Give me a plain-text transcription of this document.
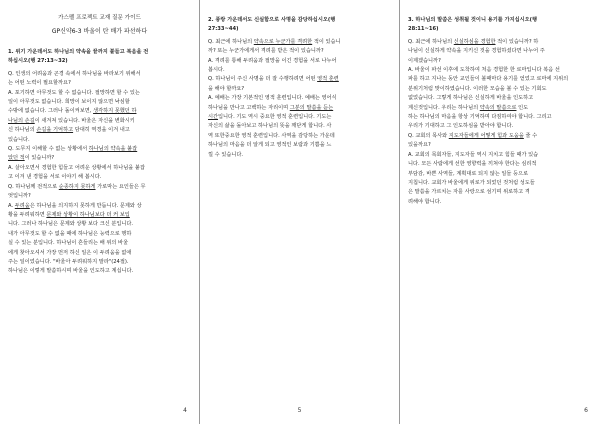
가스펠 프로젝트 교재 질문 가이드
GP신약6-3 바울이 탄 배가 파선하다
1. 위기 가운데서도 하나님의 약속을 끝까지 붙들고 복음을 전
하십시오(행 27:13~32)
Q. 인생의 어려움과 곤경 속에서 하나님을 바라보기 위해서
는 어떤 노력이 필요할까요?
A. 포기하면 아무것도 할 수 없습니다. 절망하면 할 수 있는
일이 아무것도 없습니다. 희망이 보이지 않으면 낙심할
수밖에 없습니다. 그러나 돌이켜보면, 생각하지 못했던 하
나님의 손길이 새겨져 있습니다. 바울은 자신을 변화시키
신 하나님의 손길을 기억하고 담대히 역경을 이겨 내고
있습니다.
Q. 도무지 이해할 수 없는 상황에서 하나님의 약속을 붙잡
았던 적이 있습니까?
A. 살아오면서 경험한 힘들고 어려운 상황에서 하나님을 붙잡
고 이겨 낸 경험을 서로 이야기 해 봅시다.
Q. 하나님께 전적으로 순종하지 못하게 가로막는 요인들은 무
엇입니까?
A. 두려움은 하나님을 의지하지 못하게 만듭니다. 문제와 상
황을 두려워하면 문제와 상황이 하나님보다 더 커 보입
니다. 그러나 하나님은 문제와 상황 보다 크신 분입니다.
내가 아무것도 할 수 없을 때에 하나님은 능력으로 행하
실 수 있는 분입니다. 하나님이 흔들리는 배 위의 바울
에게 찾아오셔서 가장 먼저 하신 일은 이 두려움을 없애
주는 일이었습니다. "바울아 두려워하지 말라"(24절).
하나님은 이렇게 말씀하시며 바울을 인도하고 계십니다.
4
2. 풍랑 가운데서도 신실함으로 사명을 감당하십시오(행
27:33~44)
Q. 최근에 하나님의 약속으로 누군가를 격려한 적이 있습니
까? 또는 누군가에게서 격려를 받은 적이 있습니까?
A. 격려를 통해 두려움과 절망을 이긴 경험을 서로 나누어
봅시다.
Q. 하나님이 주신 사명을 더 잘 수행하려면 어떤 영적 훈련
을 해야 할까요?
A. 예배는 가장 기본적인 영적 훈련입니다. 예배는 영어식
하나님을 만나고 고백하는 자리이며 그분의 말씀을 듣는
시간입니다. 기도 역시 중요한 영적 훈련입니다. 기도는
자신의 삶을 돌아보고 하나님의 뜻을 깨닫게 합니다. 사
역 또한중요한 영적 훈련입니다. 사역을 감당하는 가운데
하나님의 마음을 더 알게 되고 영적인 보람과 기쁨을 느
낄 수 있습니다.
5
3. 하나님의 말씀은 성취될 것이니 용기를 가지십시오(행
28:11~16)
Q. 최근에 하나님의 신실하심을 경험한 적이 있습니까? 하
나님이 신실하게 약속을 지키신 것을 경험하셨다면 나누어 주
이제겠습니까?
A. 바울이 파선 이후에 도착하여 처음 경험한 한 로마입니다 복음 선
파를 하고 지나는 동안 교인들이 볼때마다 용기를 얻었고 로마에 지위의
분위기처럼 맞이하였습니다. 이러한 모습을 볼 수 있는 기회도
없었습니다. 그렇게 하나님은 신실하게 바울을 인도하고
계신것입니다. 우리는 하나님의 약속의 말씀으로 인도
하는 하나님의 마음을 항상 기억하며 다짐하여야 합니다. 그리고
우리가 기대하고 그 인도하심을 받아야 합니다.
Q. 교회의 목사와 지도자들에게 어떻게 힘과 도움을 줄 수
있을까요?
A. 교회의 목회자들, 지도자들 역시 지치고 힘들 때가 있습
니다. 모든 사람에게 선한 영향력을 끼쳐야 한다는 심리적
부담감, 바쁜 사역들, 계획대로 되지 않는 일들 등으로
지칩니다. 교회가 바울에게 위로가 되었던 것처럼 성도들
은 말씀을 가르치는 자를 사랑으로 섬기며 위로하고 격
려해야 합니다.
6
